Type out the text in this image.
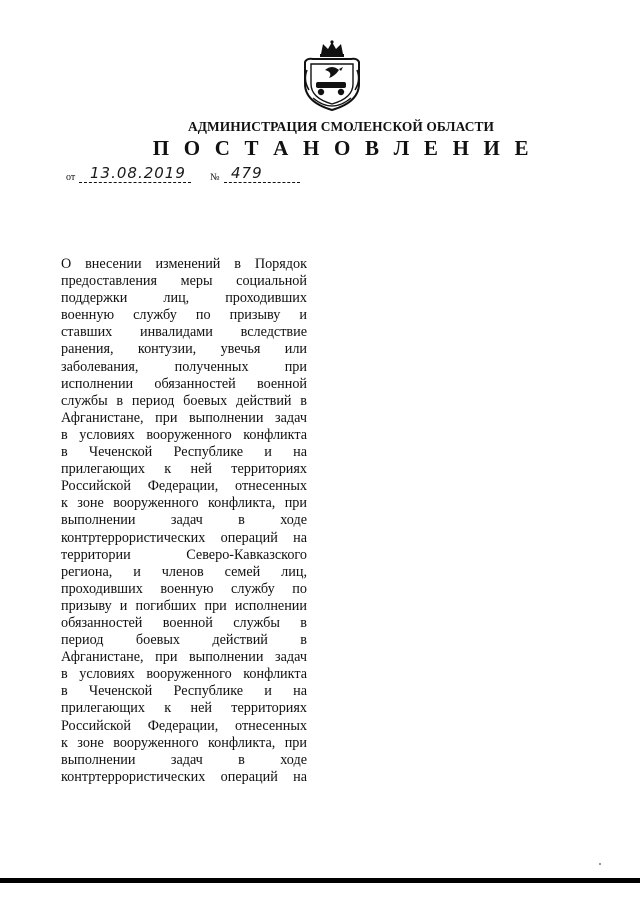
АДМИНИСТРАЦИЯ СМОЛЕНСКОЙ ОБЛАСТИ
П О С Т А Н О В Л Е Н И Е
от 13.08.2019 № 479
О внесении изменений в Порядок
предоставления меры социальной
поддержки лиц, проходивших
военную службу по призыву и
ставших инвалидами вследствие
ранения, контузии, увечья или
заболевания, полученных при
исполнении обязанностей военной
службы в период боевых действий в
Афганистане, при выполнении задач
в условиях вооруженного конфликта
в Чеченской Республике и на
прилегающих к ней территориях
Российской Федерации, отнесенных
к зоне вооруженного конфликта, при
выполнении задач в ходе
контртеррористических операций на
территории Северо-Кавказского
региона, и членов семей лиц,
проходивших военную службу по
призыву и погибших при исполнении
обязанностей военной службы в
период боевых действий в
Афганистане, при выполнении задач
в условиях вооруженного конфликта
в Чеченской Республике и на
прилегающих к ней территориях
Российской Федерации, отнесенных
к зоне вооруженного конфликта, при
выполнении задач в ходе
контртеррористических операций на
